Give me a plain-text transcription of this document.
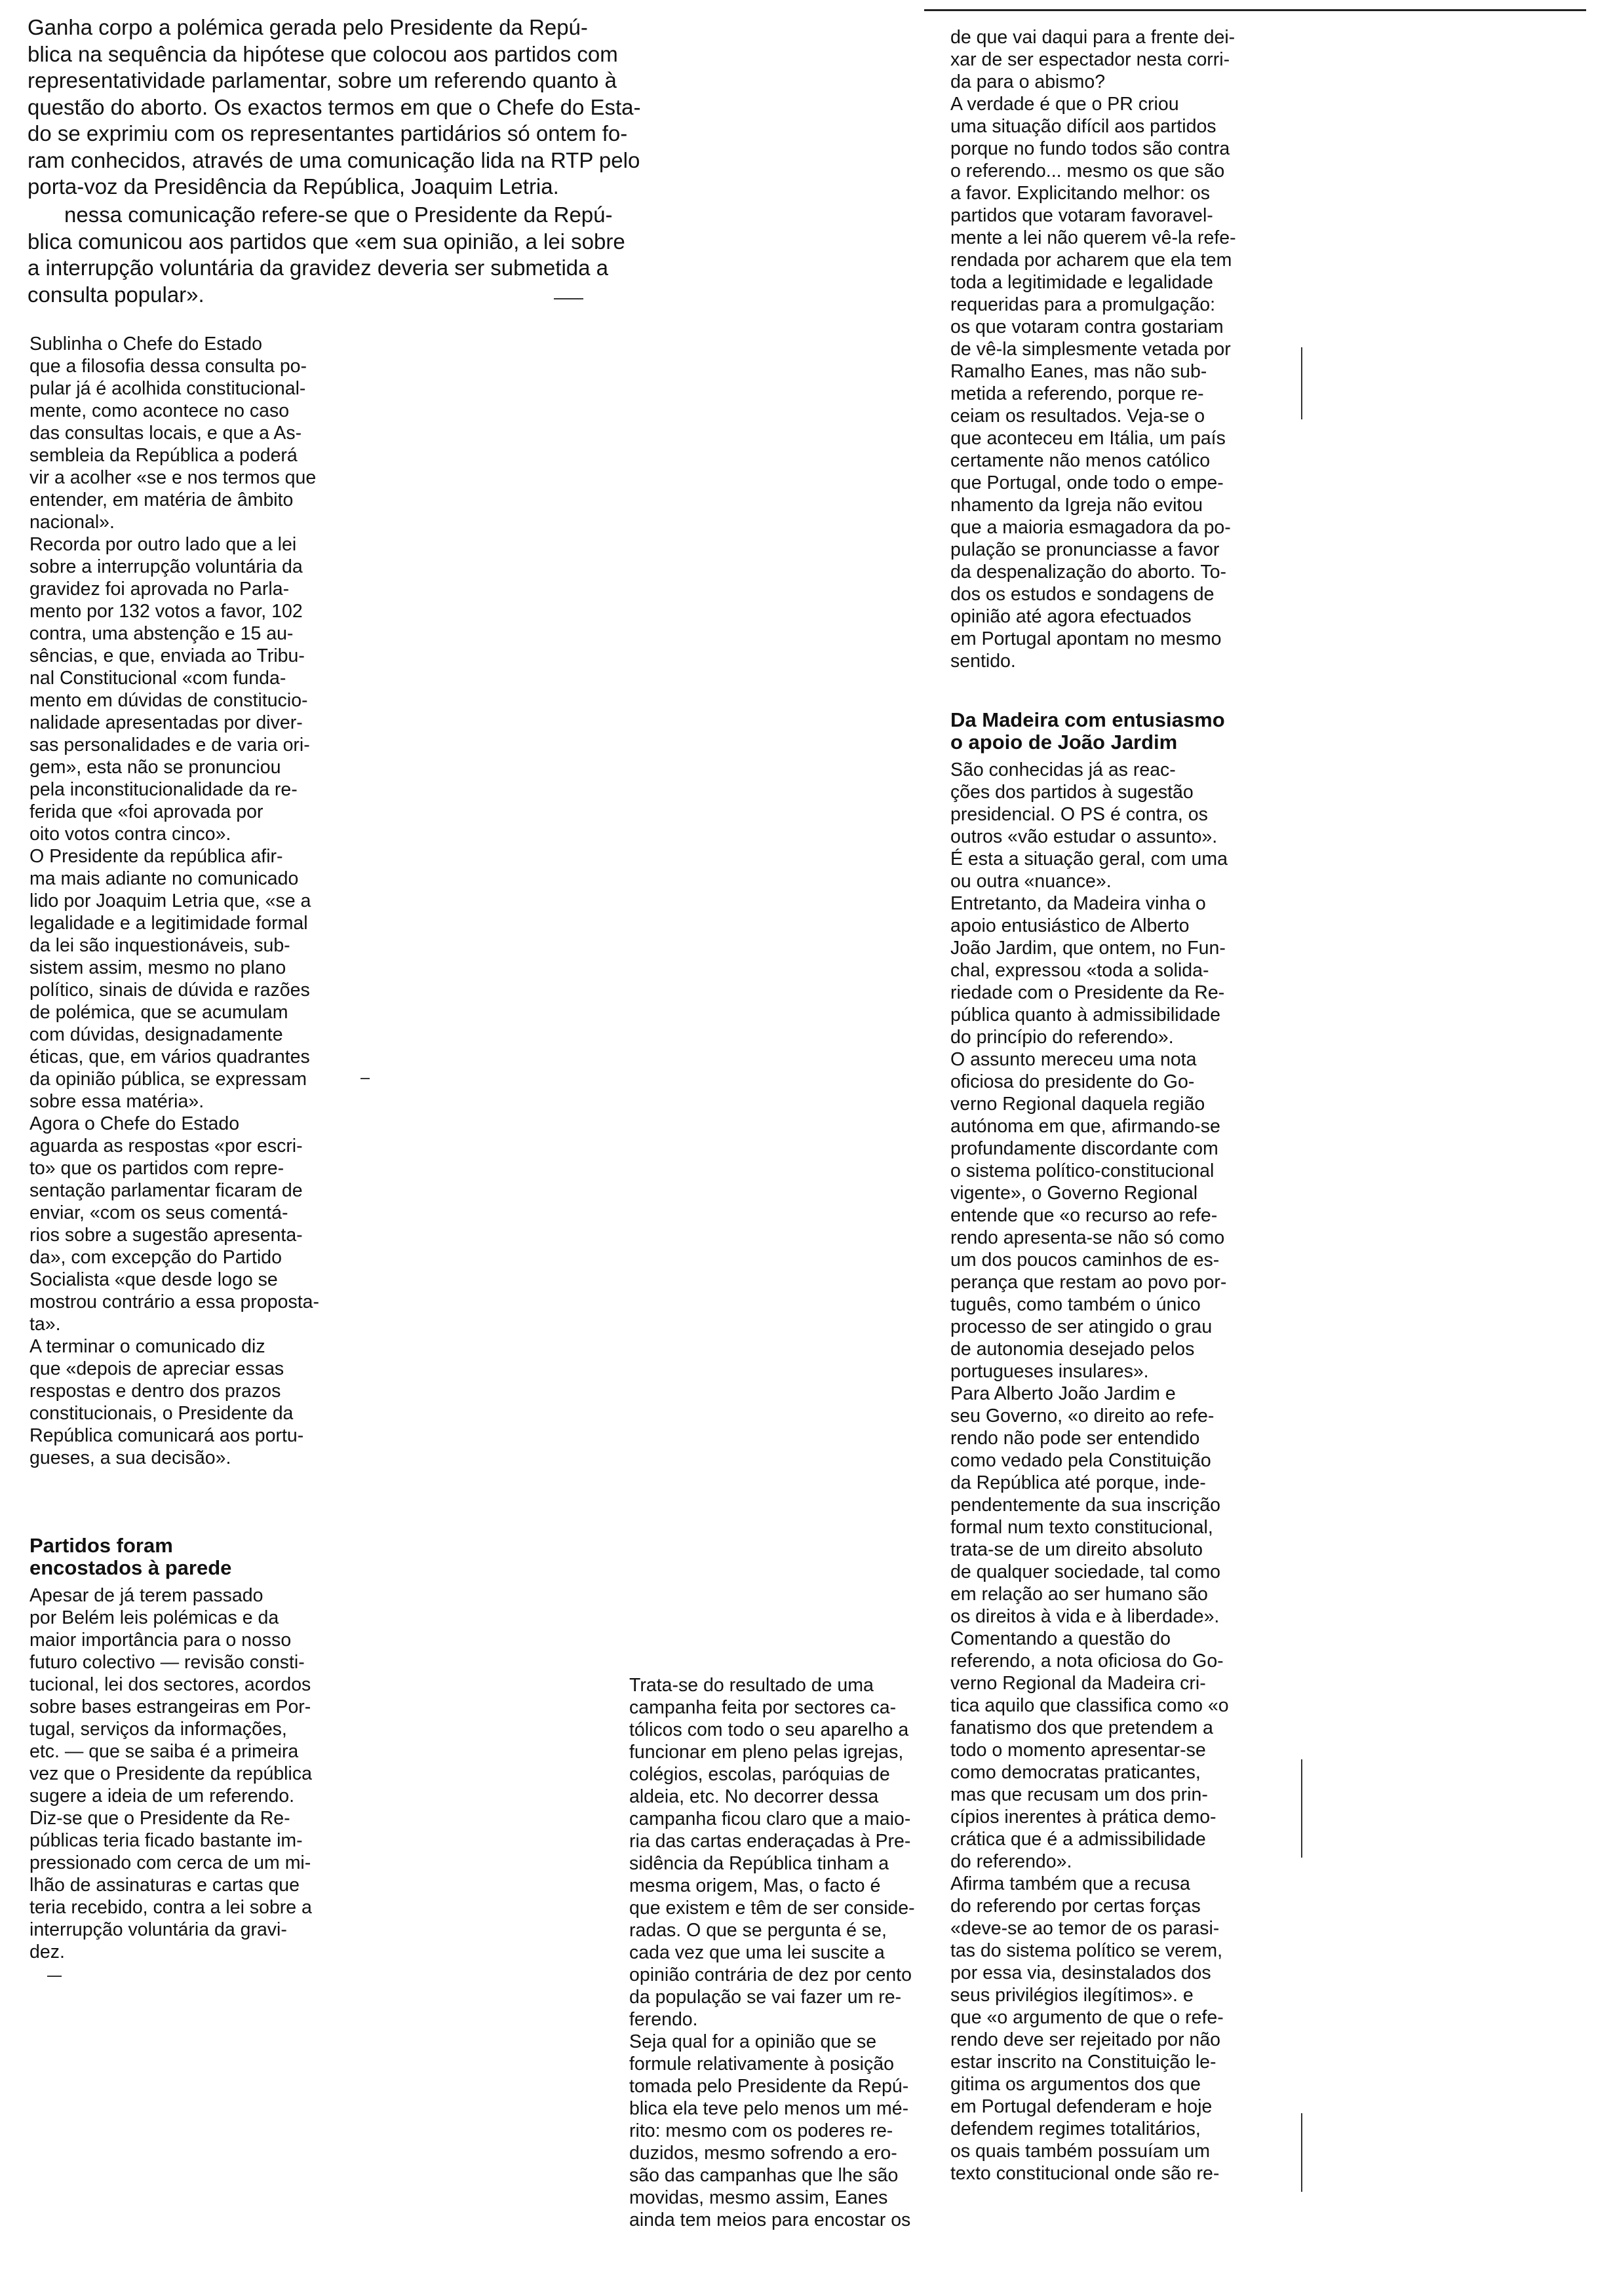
Ganha corpo a polémica gerada pelo Presidente da Repú-
blica na sequência da hipótese que colocou aos partidos com
representatividade parlamentar, sobre um referendo quanto à
questão do aborto. Os exactos termos em que o Chefe do Esta-
do se exprimiu com os representantes partidários só ontem fo-
ram conhecidos, através de uma comunicação lida na RTP pelo
porta-voz da Presidência da República, Joaquim Letria.
nessa comunicação refere-se que o Presidente da Repú-
blica comunicou aos partidos que «em sua opinião, a lei sobre
a interrupção voluntária da gravidez deveria ser submetida a
consulta popular».
Sublinha o Chefe do Estado
que a filosofia dessa consulta po-
pular já é acolhida constitucional-
mente, como acontece no caso
das consultas locais, e que a As-
sembleia da República a poderá
vir a acolher «se e nos termos que
entender, em matéria de âmbito
nacional».
Recorda por outro lado que a lei
sobre a interrupção voluntária da
gravidez foi aprovada no Parla-
mento por 132 votos a favor, 102
contra, uma abstenção e 15 au-
sências, e que, enviada ao Tribu-
nal Constitucional «com funda-
mento em dúvidas de constitucio-
nalidade apresentadas por diver-
sas personalidades e de varia ori-
gem», esta não se pronunciou
pela inconstitucionalidade da re-
ferida que «foi aprovada por
oito votos contra cinco».
O Presidente da república afir-
ma mais adiante no comunicado
lido por Joaquim Letria que, «se a
legalidade e a legitimidade formal
da lei são inquestionáveis, sub-
sistem assim, mesmo no plano
político, sinais de dúvida e razões
de polémica, que se acumulam
com dúvidas, designadamente
éticas, que, em vários quadrantes
da opinião pública, se expressam
sobre essa matéria».
Agora o Chefe do Estado
aguarda as respostas «por escri-
to» que os partidos com repre-
sentação parlamentar ficaram de
enviar, «com os seus comentá-
rios sobre a sugestão apresenta-
da», com excepção do Partido
Socialista «que desde logo se
mostrou contrário a essa proposta-
ta».
A terminar o comunicado diz
que «depois de apreciar essas
respostas e dentro dos prazos
constitucionais, o Presidente da
República comunicará aos portu-
gueses, a sua decisão».
Partidos foram
encostados à parede
Apesar de já terem passado
por Belém leis polémicas e da
maior importância para o nosso
futuro colectivo — revisão consti-
tucional, lei dos sectores, acordos
sobre bases estrangeiras em Por-
tugal, serviços da informações,
etc. — que se saiba é a primeira
vez que o Presidente da república
sugere a ideia de um referendo.
Diz-se que o Presidente da Re-
públicas teria ficado bastante im-
pressionado com cerca de um mi-
lhão de assinaturas e cartas que
teria recebido, contra a lei sobre a
interrupção voluntária da gravi-
dez.
Trata-se do resultado de uma
campanha feita por sectores ca-
tólicos com todo o seu aparelho a
funcionar em pleno pelas igrejas,
colégios, escolas, paróquias de
aldeia, etc. No decorrer dessa
campanha ficou claro que a maio-
ria das cartas enderaçadas à Pre-
sidência da República tinham a
mesma origem, Mas, o facto é
que existem e têm de ser conside-
radas. O que se pergunta é se,
cada vez que uma lei suscite a
opinião contrária de dez por cento
da população se vai fazer um re-
ferendo.
Seja qual for a opinião que se
formule relativamente à posição
tomada pelo Presidente da Repú-
blica ela teve pelo menos um mé-
rito: mesmo com os poderes re-
duzidos, mesmo sofrendo a ero-
são das campanhas que lhe são
movidas, mesmo assim, Eanes
ainda tem meios para encostar os
de que vai daqui para a frente dei-
xar de ser espectador nesta corri-
da para o abismo?
A verdade é que o PR criou
uma situação difícil aos partidos
porque no fundo todos são contra
o referendo... mesmo os que são
a favor. Explicitando melhor: os
partidos que votaram favoravel-
mente a lei não querem vê-la refe-
rendada por acharem que ela tem
toda a legitimidade e legalidade
requeridas para a promulgação:
os que votaram contra gostariam
de vê-la simplesmente vetada por
Ramalho Eanes, mas não sub-
metida a referendo, porque re-
ceiam os resultados. Veja-se o
que aconteceu em Itália, um país
certamente não menos católico
que Portugal, onde todo o empe-
nhamento da Igreja não evitou
que a maioria esmagadora da po-
pulação se pronunciasse a favor
da despenalização do aborto. To-
dos os estudos e sondagens de
opinião até agora efectuados
em Portugal apontam no mesmo
sentido.
Da Madeira com entusiasmo
o apoio de João Jardim
São conhecidas já as reac-
ções dos partidos à sugestão
presidencial. O PS é contra, os
outros «vão estudar o assunto».
É esta a situação geral, com uma
ou outra «nuance».
Entretanto, da Madeira vinha o
apoio entusiástico de Alberto
João Jardim, que ontem, no Fun-
chal, expressou «toda a solida-
riedade com o Presidente da Re-
pública quanto à admissibilidade
do princípio do referendo».
O assunto mereceu uma nota
oficiosa do presidente do Go-
verno Regional daquela região
autónoma em que, afirmando-se
profundamente discordante com
o sistema político-constitucional
vigente», o Governo Regional
entende que «o recurso ao refe-
rendo apresenta-se não só como
um dos poucos caminhos de es-
perança que restam ao povo por-
tuguês, como também o único
processo de ser atingido o grau
de autonomia desejado pelos
portugueses insulares».
Para Alberto João Jardim e
seu Governo, «o direito ao refe-
rendo não pode ser entendido
como vedado pela Constituição
da República até porque, inde-
pendentemente da sua inscrição
formal num texto constitucional,
trata-se de um direito absoluto
de qualquer sociedade, tal como
em relação ao ser humano são
os direitos à vida e à liberdade».
Comentando a questão do
referendo, a nota oficiosa do Go-
verno Regional da Madeira cri-
tica aquilo que classifica como «o
fanatismo dos que pretendem a
todo o momento apresentar-se
como democratas praticantes,
mas que recusam um dos prin-
cípios inerentes à prática demo-
crática que é a admissibilidade
do referendo».
Afirma também que a recusa
do referendo por certas forças
«deve-se ao temor de os parasi-
tas do sistema político se verem,
por essa via, desinstalados dos
seus privilégios ilegítimos». e
que «o argumento de que o refe-
rendo deve ser rejeitado por não
estar inscrito na Constituição le-
gitima os argumentos dos que
em Portugal defenderam e hoje
defendem regimes totalitários,
os quais também possuíam um
texto constitucional onde são re-
